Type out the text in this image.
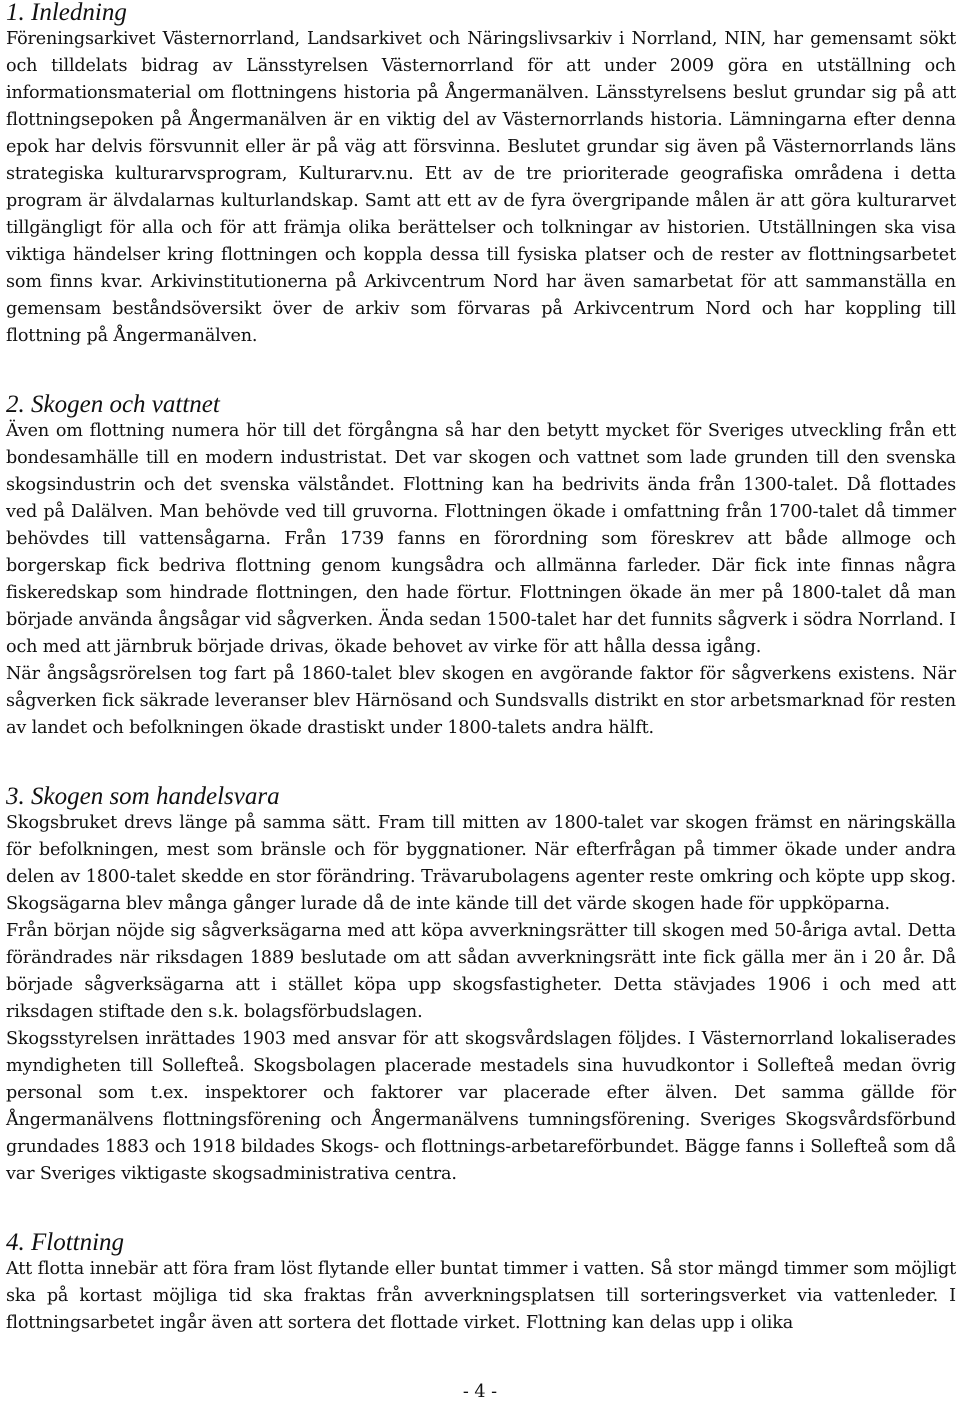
1. Inledning

Föreningsarkivet Västernorrland, Landsarkivet och Näringslivsarkiv i Norrland, NIN, har gemensamt sökt och tilldelats bidrag av Länsstyrelsen Västernorrland för att under 2009 göra en utställning och informationsmaterial om flottningens historia på Ångermanälven. Länsstyrelsens beslut grundar sig på att flottningsepoken på Ångermanälven är en viktig del av Västernorrlands historia. Lämningarna efter denna epok har delvis försvunnit eller är på väg att försvinna. Beslutet grundar sig även på Västernorrlands läns strategiska kulturarvsprogram, Kulturarv.nu. Ett av de tre prioriterade geografiska områdena i detta program är älvdalarnas kulturlandskap. Samt att ett av de fyra övergripande målen är att göra kulturarvet tillgängligt för alla och för att främja olika berättelser och tolkningar av historien. Utställningen ska visa viktiga händelser kring flottningen och koppla dessa till fysiska platser och de rester av flottningsarbetet som finns kvar. Arkivinstitutionerna på Arkivcentrum Nord har även samarbetat för att sammanställa en gemensam beståndsöversikt över de arkiv som förvaras på Arkivcentrum Nord och har koppling till flottning på Ångermanälven.

2. Skogen och vattnet

Även om flottning numera hör till det förgångna så har den betytt mycket för Sveriges utveckling från ett bondesamhälle till en modern industristat. Det var skogen och vattnet som lade grunden till den svenska skogsindustrin och det svenska välståndet. Flottning kan ha bedrivits ända från 1300-talet. Då flottades ved på Dalälven. Man behövde ved till gruvorna. Flottningen ökade i omfattning från 1700-talet då timmer behövdes till vattensågarna. Från 1739 fanns en förordning som föreskrev att både allmoge och borgerskap fick bedriva flottning genom kungsådra och allmänna farleder. Där fick inte finnas några fiskeredskap som hindrade flottningen, den hade förtur. Flottningen ökade än mer på 1800-talet då man började använda ångsågar vid sågverken. Ända sedan 1500-talet har det funnits sågverk i södra Norrland. I och med att järnbruk började drivas, ökade behovet av virke för att hålla dessa igång.

När ångsågsrörelsen tog fart på 1860-talet blev skogen en avgörande faktor för sågverkens existens. När sågverken fick säkrade leveranser blev Härnösand och Sundsvalls distrikt en stor arbetsmarknad för resten av landet och befolkningen ökade drastiskt under 1800-talets andra hälft.

3. Skogen som handelsvara

Skogsbruket drevs länge på samma sätt. Fram till mitten av 1800-talet var skogen främst en näringskälla för befolkningen, mest som bränsle och för byggnationer. När efterfrågan på timmer ökade under andra delen av 1800-talet skedde en stor förändring. Trävarubolagens agenter reste omkring och köpte upp skog. Skogsägarna blev många gånger lurade då de inte kände till det värde skogen hade för uppköparna.

Från början nöjde sig sågverksägarna med att köpa avverkningsrätter till skogen med 50-åriga avtal. Detta förändrades när riksdagen 1889 beslutade om att sådan avverkningsrätt inte fick gälla mer än i 20 år. Då började sågverksägarna att i stället köpa upp skogsfastigheter. Detta stävjades 1906 i och med att riksdagen stiftade den s.k. bolagsförbudslagen.

Skogsstyrelsen inrättades 1903 med ansvar för att skogsvårdslagen följdes. I Västernorrland lokaliserades myndigheten till Sollefteå. Skogsbolagen placerade mestadels sina huvudkontor i Sollefteå medan övrig personal som t.ex. inspektorer och faktorer var placerade efter älven. Det samma gällde för Ångermanälvens flottningsförening och Ångermanälvens tumningsförening. Sveriges Skogsvårdsförbund grundades 1883 och 1918 bildades Skogs- och flottnings-arbetareförbundet. Bägge fanns i Sollefteå som då var Sveriges viktigaste skogsadministrativa centra.

4. Flottning

Att flotta innebär att föra fram löst flytande eller buntat timmer i vatten. Så stor mängd timmer som möjligt ska på kortast möjliga tid ska fraktas från avverkningsplatsen till sorteringsverket via vattenleder. I flottningsarbetet ingår även att sortera det flottade virket. Flottning kan delas upp i olika

- 4 -
